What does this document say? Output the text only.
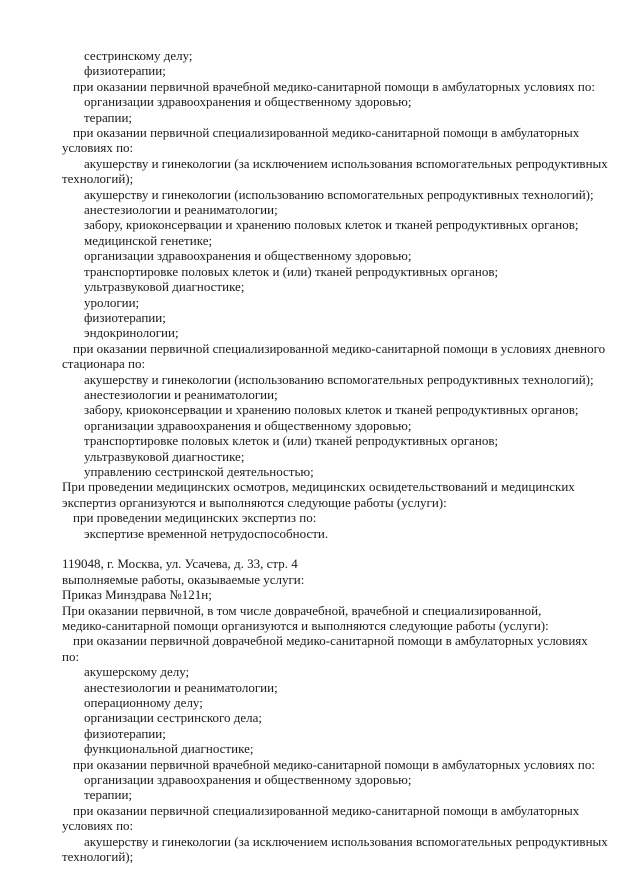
сестринскому делу;
физиотерапии;
при оказании первичной врачебной медико-санитарной помощи в амбулаторных условиях по:
организации здравоохранения и общественному здоровью;
терапии;
при оказании первичной специализированной медико-санитарной помощи в амбулаторных
условиях по:
акушерству и гинекологии (за исключением использования вспомогательных репродуктивных
технологий);
акушерству и гинекологии (использованию вспомогательных репродуктивных технологий);
анестезиологии и реаниматологии;
забору, криоконсервации и хранению половых клеток и тканей репродуктивных органов;
медицинской генетике;
организации здравоохранения и общественному здоровью;
транспортировке половых клеток и (или) тканей репродуктивных органов;
ультразвуковой диагностике;
урологии;
физиотерапии;
эндокринологии;
при оказании первичной специализированной медико-санитарной помощи в условиях дневного
стационара по:
акушерству и гинекологии (использованию вспомогательных репродуктивных технологий);
анестезиологии и реаниматологии;
забору, криоконсервации и хранению половых клеток и тканей репродуктивных органов;
организации здравоохранения и общественному здоровью;
транспортировке половых клеток и (или) тканей репродуктивных органов;
ультразвуковой диагностике;
управлению сестринской деятельностью;
При проведении медицинских осмотров, медицинских освидетельствований и медицинских
экспертиз организуются и выполняются следующие работы (услуги):
при проведении медицинских экспертиз по:
экспертизе временной нетрудоспособности.
119048, г. Москва, ул. Усачева, д. 33, стр. 4
выполняемые работы, оказываемые услуги:
Приказ Минздрава №121н;
При оказании первичной, в том числе доврачебной, врачебной и специализированной,
медико-санитарной помощи организуются и выполняются следующие работы (услуги):
при оказании первичной доврачебной медико-санитарной помощи в амбулаторных условиях
по:
акушерскому делу;
анестезиологии и реаниматологии;
операционному делу;
организации сестринского дела;
физиотерапии;
функциональной диагностике;
при оказании первичной врачебной медико-санитарной помощи в амбулаторных условиях по:
организации здравоохранения и общественному здоровью;
терапии;
при оказании первичной специализированной медико-санитарной помощи в амбулаторных
условиях по:
акушерству и гинекологии (за исключением использования вспомогательных репродуктивных
технологий);
